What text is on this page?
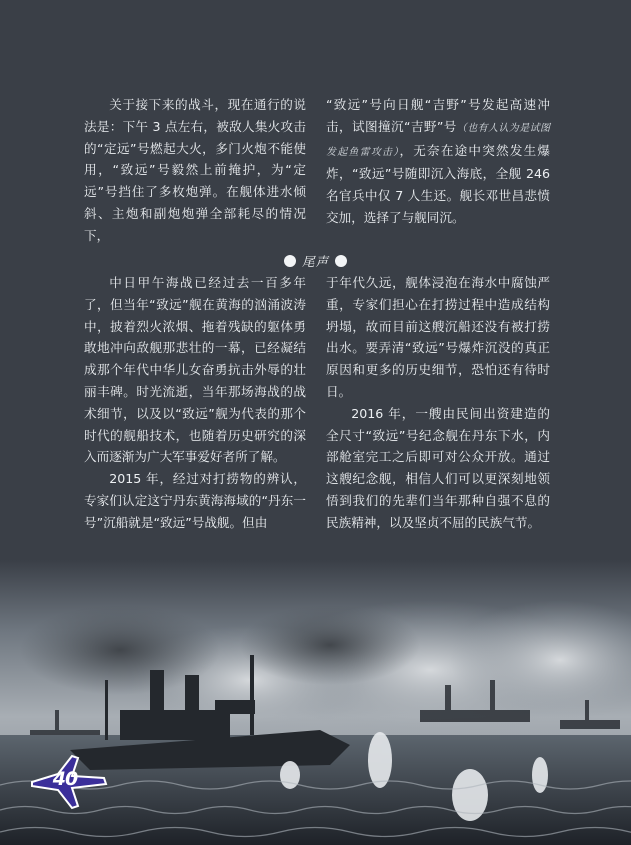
关于接下来的战斗，现在通行的说法是：下午 3 点左右，被敌人集火攻击的“定远”号燃起大火，多门火炮不能使用，“致远”号毅然上前掩护，为“定远”号挡住了多枚炮弹。在舰体进水倾斜、主炮和副炮炮弹全部耗尽的情况下，

“致远”号向日舰“吉野”号发起高速冲击，试图撞沉“吉野”号（也有人认为是试图发起鱼雷攻击），无奈在途中突然发生爆炸，“致远”号随即沉入海底，全舰 246 名官兵中仅 7 人生还。舰长邓世昌悲愤交加，选择了与舰同沉。

尾声

中日甲午海战已经过去一百多年了，但当年“致远”舰在黄海的汹涌波涛中，披着烈火浓烟、拖着残缺的躯体勇敢地冲向敌舰那悲壮的一幕，已经凝结成那个年代中华儿女奋勇抗击外辱的壮丽丰碑。时光流逝，当年那场海战的战术细节，以及以“致远”舰为代表的那个时代的舰船技术，也随着历史研究的深入而逐渐为广大军事爱好者所了解。

2015 年，经过对打捞物的辨认，专家们认定这宁丹东黄海海域的“丹东一号”沉船就是“致远”号战舰。但由

于年代久远，舰体浸泡在海水中腐蚀严重，专家们担心在打捞过程中造成结构坍塌，故而目前这艘沉船还没有被打捞出水。要弄清“致远”号爆炸沉没的真正原因和更多的历史细节，恐怕还有待时日。

2016 年，一艘由民间出资建造的全尺寸“致远”号纪念舰在丹东下水，内部舱室完工之后即可对公众开放。通过这艘纪念舰，相信人们可以更深刻地领悟到我们的先辈们当年那种自强不息的民族精神，以及坚贞不屈的民族气节。

40
